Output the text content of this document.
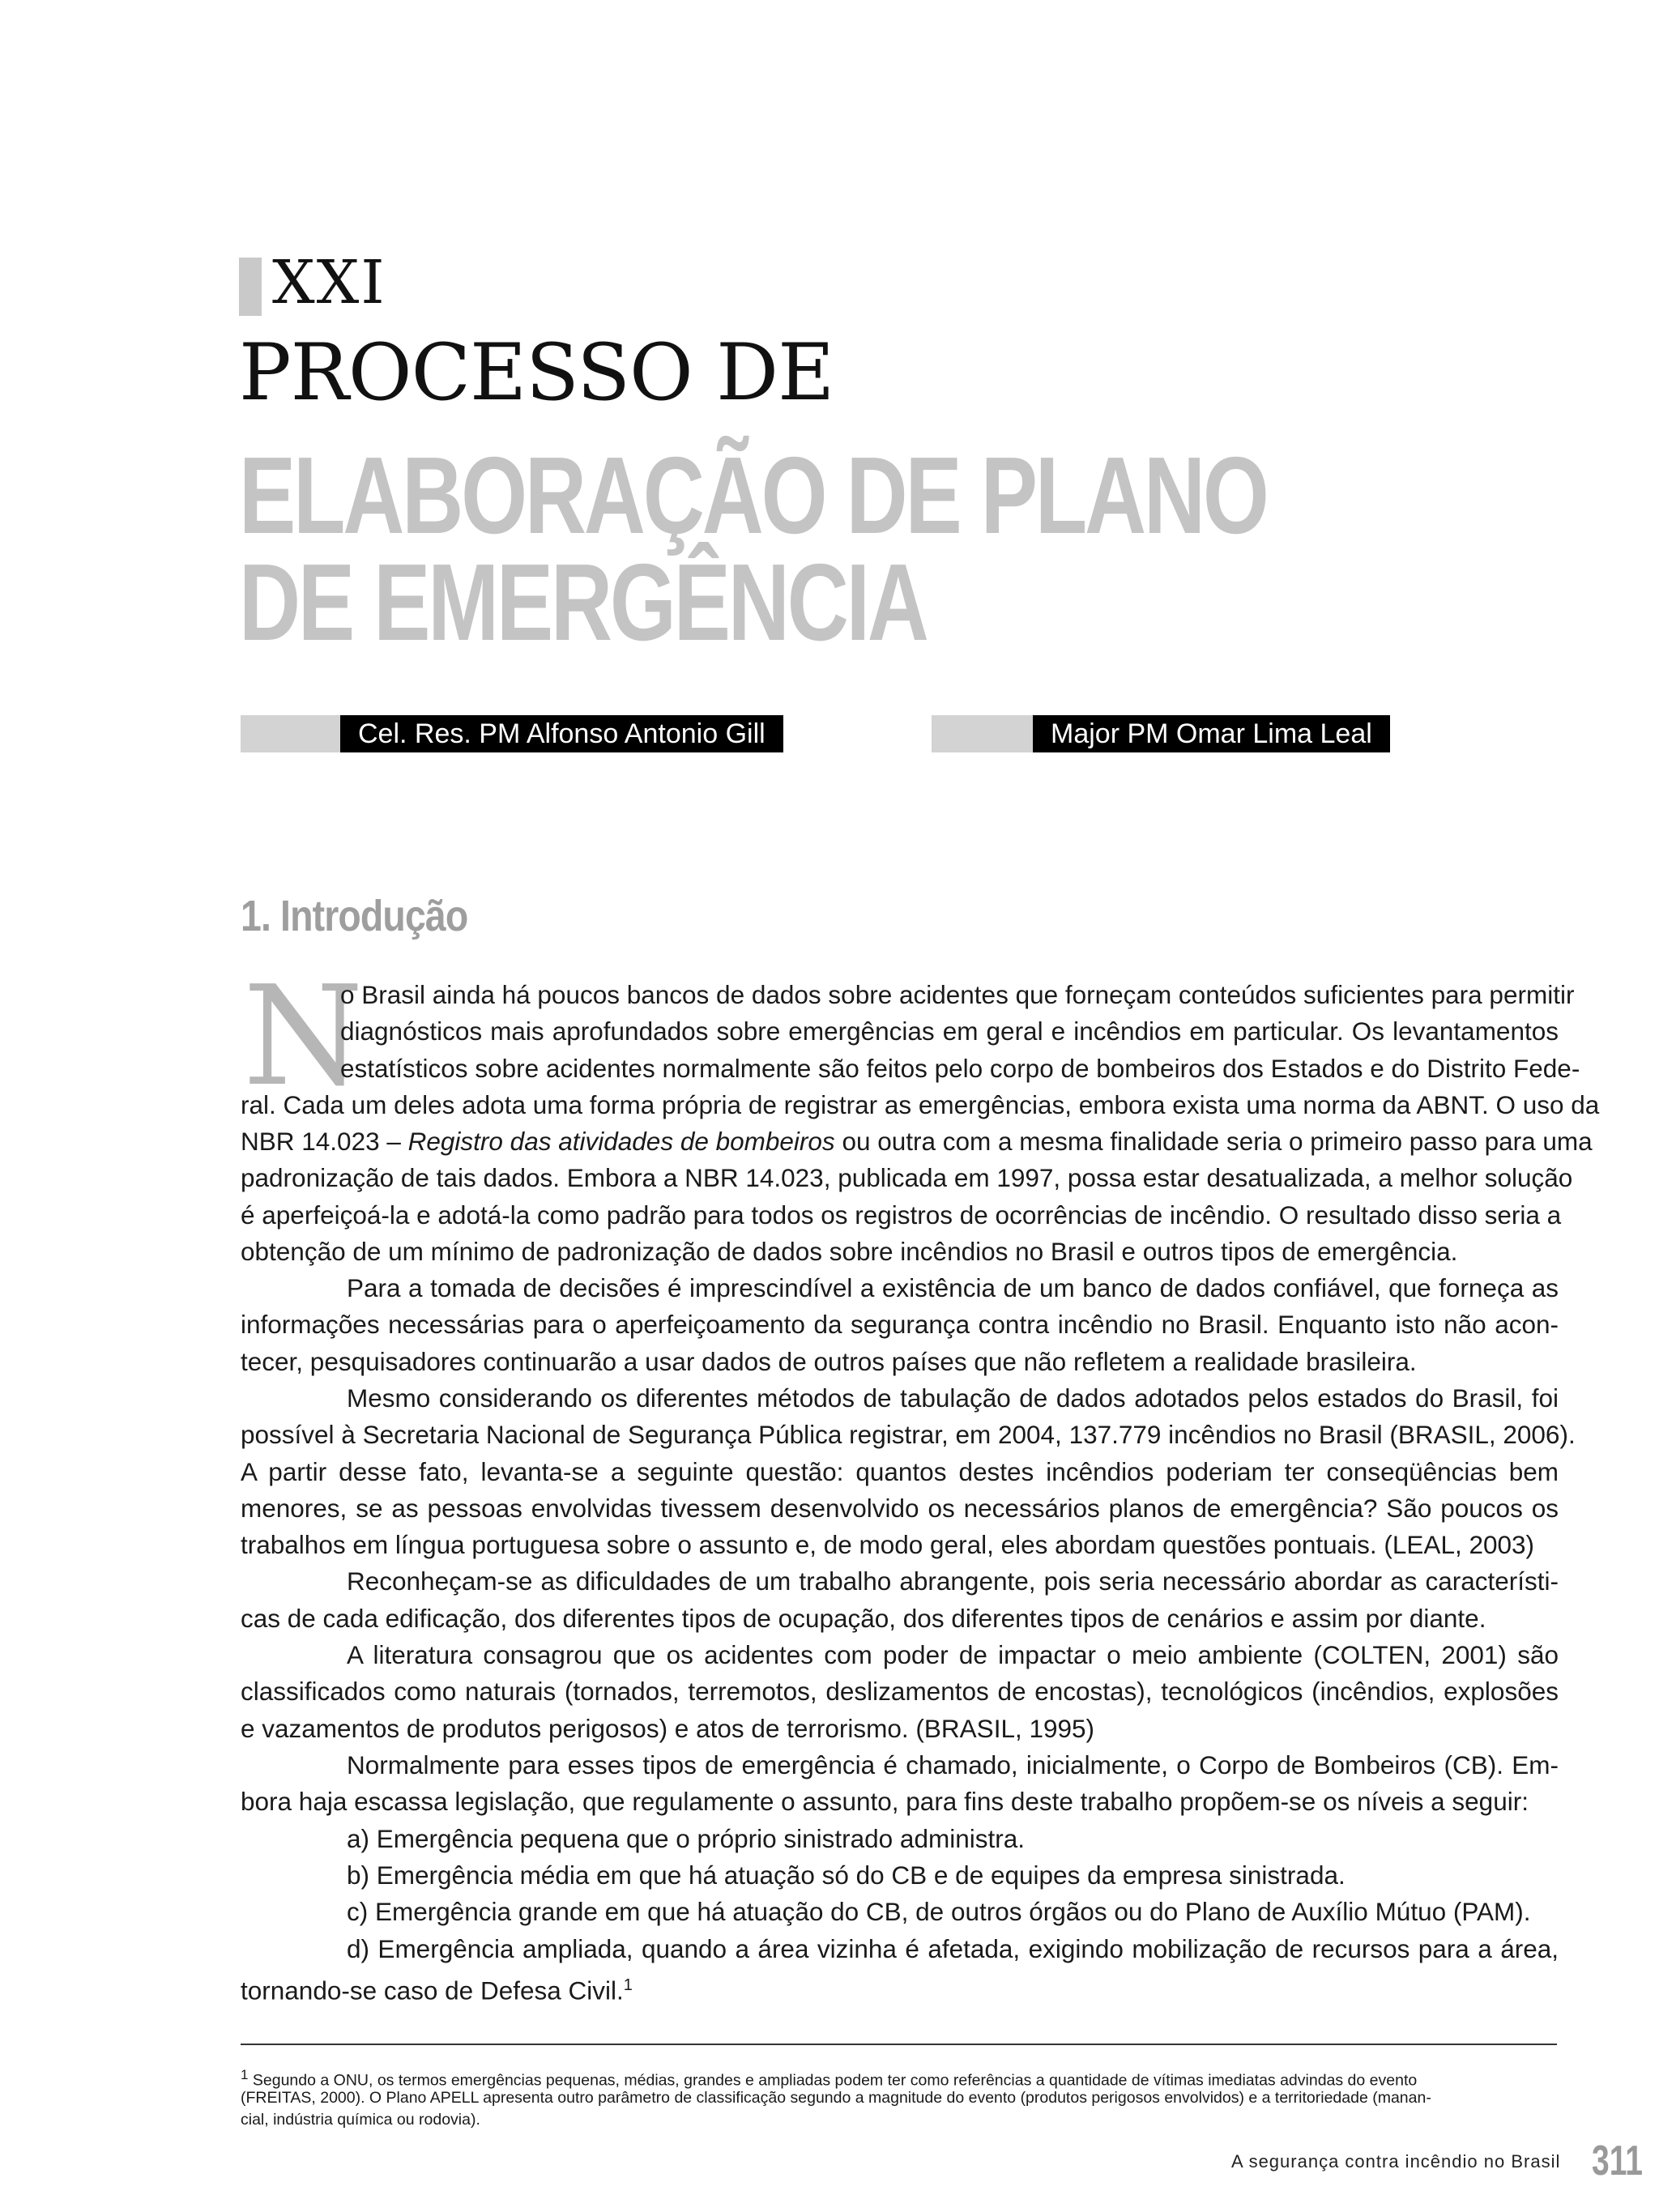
XXI
PROCESSO DE
ELABORAÇÃO DE PLANO
DE EMERGÊNCIA
Cel. Res. PM Alfonso Antonio Gill	Major PM Omar Lima Leal
1. Introdução
N
o Brasil ainda há poucos bancos de dados sobre acidentes que forneçam conteúdos suficientes para permitir
diagnósticos mais aprofundados sobre emergências em geral e incêndios em particular. Os levantamentos
estatísticos sobre acidentes normalmente são feitos pelo corpo de bombeiros dos Estados e do Distrito Fede-
ral. Cada um deles adota uma forma própria de registrar as emergências, embora exista uma norma da ABNT. O uso da
NBR 14.023 – Registro das atividades de bombeiros ou outra com a mesma finalidade seria o primeiro passo para uma
padronização de tais dados. Embora a NBR 14.023, publicada em 1997, possa estar desatualizada, a melhor solução
é aperfeiçoá-la e adotá-la como padrão para todos os registros de ocorrências de incêndio. O resultado disso seria a
obtenção de um mínimo de padronização de dados sobre incêndios no Brasil e outros tipos de emergência.
Para a tomada de decisões é imprescindível a existência de um banco de dados confiável, que forneça as
informações necessárias para o aperfeiçoamento da segurança contra incêndio no Brasil. Enquanto isto não acon-
tecer, pesquisadores continuarão a usar dados de outros países que não refletem a realidade brasileira.
Mesmo considerando os diferentes métodos de tabulação de dados adotados pelos estados do Brasil, foi
possível à Secretaria Nacional de Segurança Pública registrar, em 2004, 137.779 incêndios no Brasil (BRASIL, 2006).
A partir desse fato, levanta-se a seguinte questão: quantos destes incêndios poderiam ter conseqüências bem
menores, se as pessoas envolvidas tivessem desenvolvido os necessários planos de emergência? São poucos os
trabalhos em língua portuguesa sobre o assunto e, de modo geral, eles abordam questões pontuais. (LEAL, 2003)
Reconheçam-se as dificuldades de um trabalho abrangente, pois seria necessário abordar as característi-
cas de cada edificação, dos diferentes tipos de ocupação, dos diferentes tipos de cenários e assim por diante.
A literatura consagrou que os acidentes com poder de impactar o meio ambiente (COLTEN, 2001) são
classificados como naturais (tornados, terremotos, deslizamentos de encostas), tecnológicos (incêndios, explosões
e vazamentos de produtos perigosos) e atos de terrorismo. (BRASIL, 1995)
Normalmente para esses tipos de emergência é chamado, inicialmente, o Corpo de Bombeiros (CB). Em-
bora haja escassa legislação, que regulamente o assunto, para fins deste trabalho propõem-se os níveis a seguir:
a) Emergência pequena que o próprio sinistrado administra.
b) Emergência média em que há atuação só do CB e de equipes da empresa sinistrada.
c) Emergência grande em que há atuação do CB, de outros órgãos ou do Plano de Auxílio Mútuo (PAM).
d) Emergência ampliada, quando a área vizinha é afetada, exigindo mobilização de recursos para a área,
tornando-se caso de Defesa Civil.$^1$
1 Segundo a ONU, os termos emergências pequenas, médias, grandes e ampliadas podem ter como referências a quantidade de vítimas imediatas advindas do evento
(FREITAS, 2000). O Plano APELL apresenta outro parâmetro de classificação segundo a magnitude do evento (produtos perigosos envolvidos) e a territoriedade (manan-
cial, indústria química ou rodovia).
A segurança contra incêndio no Brasil 311
